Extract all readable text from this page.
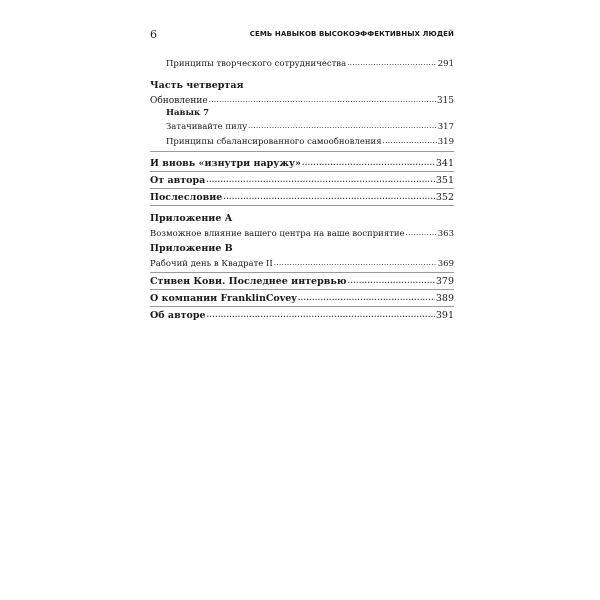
6	СЕМЬ НАВЫКОВ ВЫСОКОЭФФЕКТИВНЫХ ЛЮДЕЙ
Принципы творческого сотрудничества .....	291
Часть четвертая
Обновление .....	315
Навык 7
Затачивайте пилу .....	317
Принципы сбалансированного самообновления .....	319
И вновь «изнутри наружу» .....	341
От автора .....	351
Послесловие .....	352
Приложение А
Возможное влияние вашего центра на ваше восприятие .....	363
Приложение В
Рабочий день в Квадрате II .....	369
Стивен Кови. Последнее интервью .....	379
О компании FranklinCovey .....	389
Об авторе .....	391
